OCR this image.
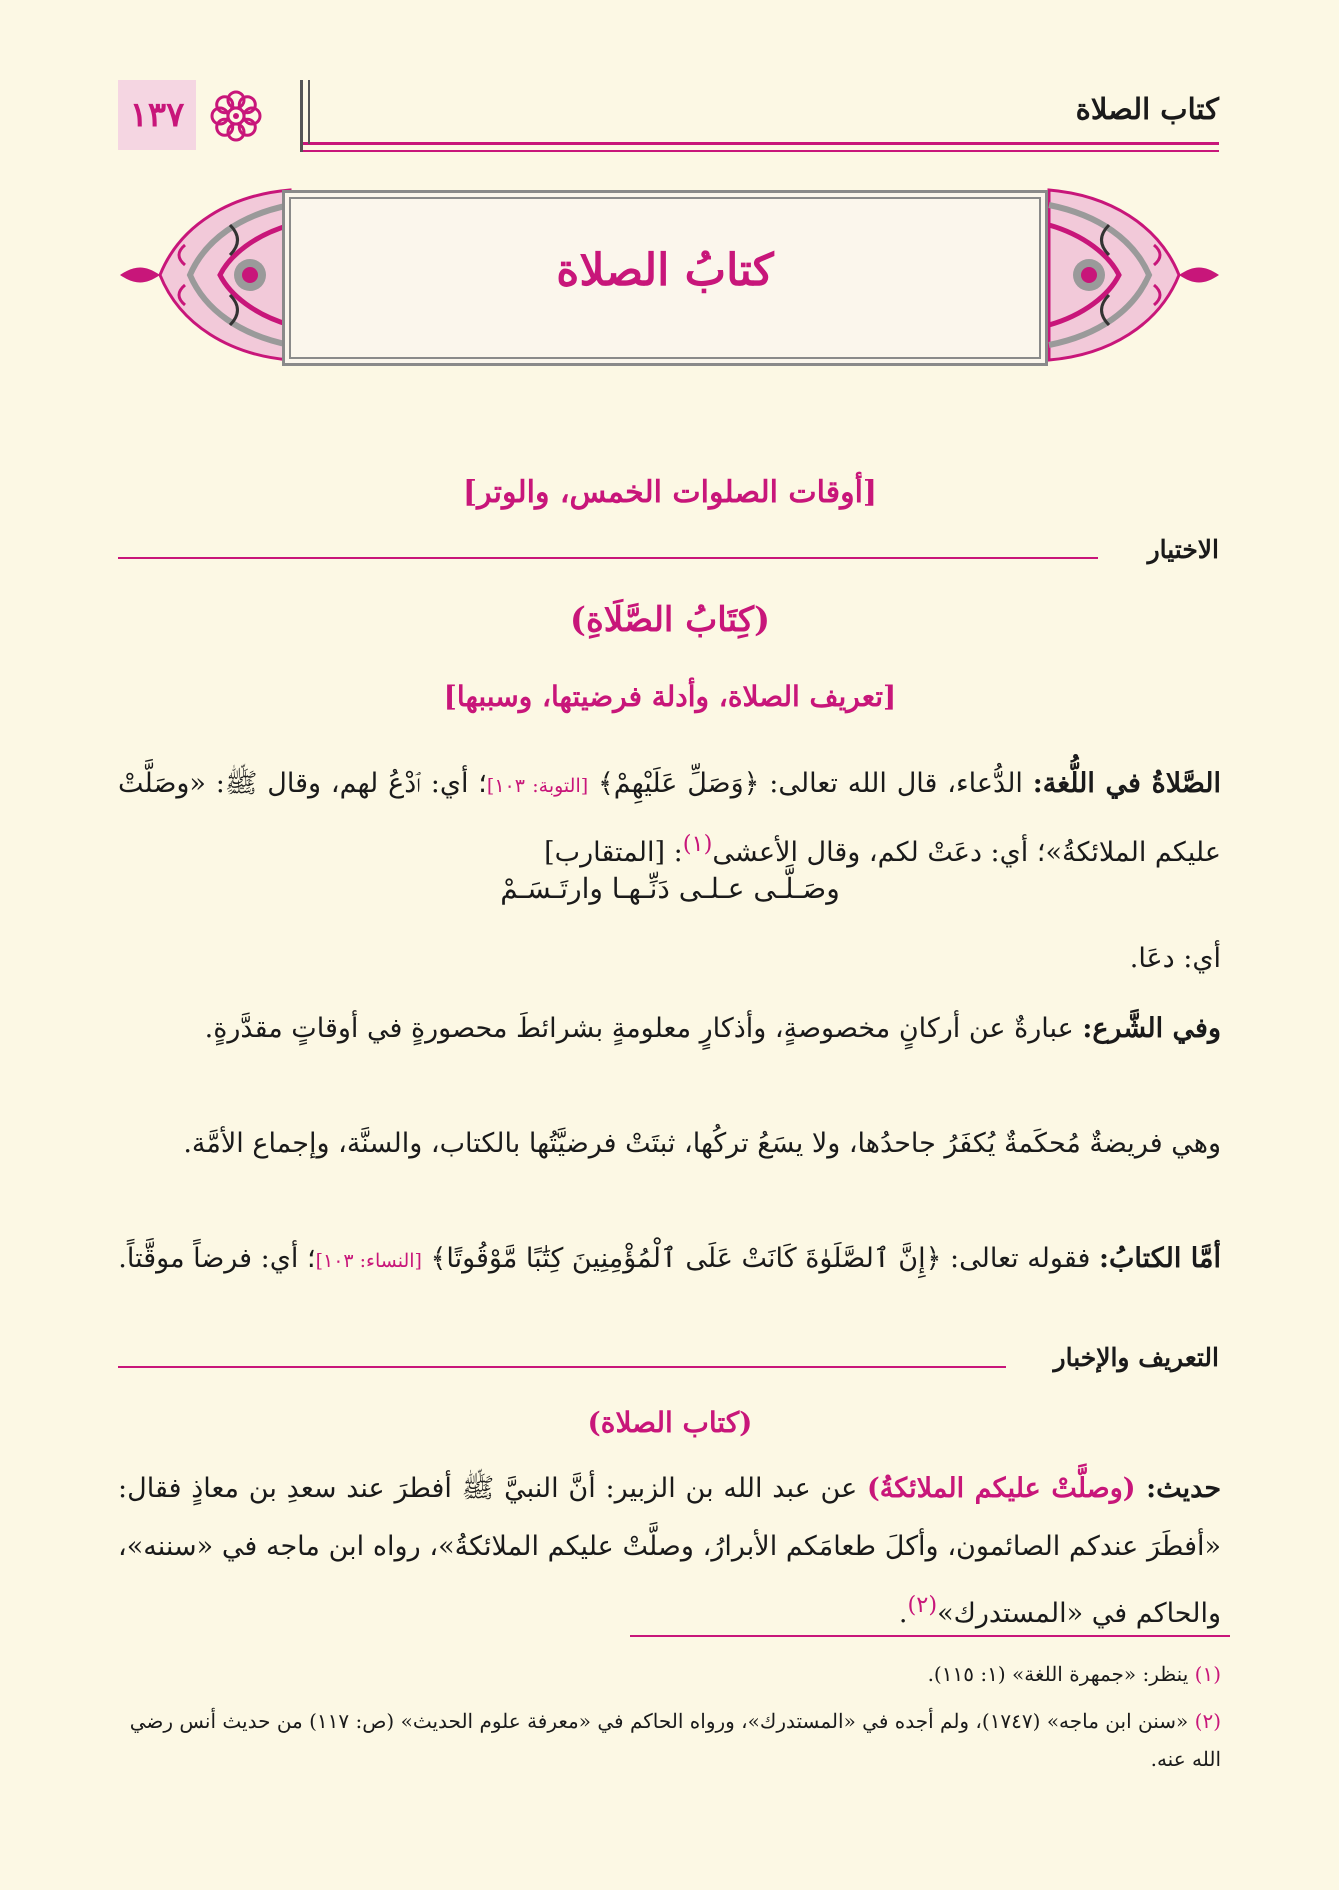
كتاب الصلاة
١٣٧
كتابُ الصلاة
[أوقات الصلوات الخمس، والوتر]
الاختيار
(كِتَابُ الصَّلَاةِ)
[تعريف الصلاة، وأدلة فرضيتها، وسببها]
الصَّلاةُ في اللُّغة: الدُّعاء، قال الله تعالى: ﴿وَصَلِّ عَلَيْهِمْ﴾ [التوبة: ١٠٣]؛ أي: ٱدْعُ لهم، وقال ﷺ: «وصَلَّتْ عليكم الملائكةُ»؛ أي: دعَتْ لكم، وقال الأعشى$^{(١)}$: [المتقارب]
وصَـلَّـى عـلـى دَنِّـهـا وارتَـسَـمْ
أي: دعَا.
وفي الشَّرع: عبارةٌ عن أركانٍ مخصوصةٍ، وأذكارٍ معلومةٍ بشرائطَ محصورةٍ في أوقاتٍ مقدَّرةٍ.
وهي فريضةٌ مُحكَمةٌ يُكفَرُ جاحدُها، ولا يسَعُ تركُها، ثبتَتْ فرضيَّتُها بالكتاب، والسنَّة، وإجماع الأمَّة.
أمَّا الكتابُ: فقوله تعالى: ﴿إِنَّ ٱلصَّلَوٰةَ كَانَتْ عَلَى ٱلْمُؤْمِنِينَ كِتَٰبًا مَّوْقُوتًا﴾ [النساء: ١٠٣]؛ أي: فرضاً موقَّتاً.
التعريف والإخبار
(كتاب الصلاة)
حديث: (وصلَّتْ عليكم الملائكةُ) عن عبد الله بن الزبير: أنَّ النبيَّ ﷺ أفطرَ عند سعدِ بن معاذٍ فقال: «أفطَرَ عندكم الصائمون، وأكلَ طعامَكم الأبرارُ، وصلَّتْ عليكم الملائكةُ»، رواه ابن ماجه في «سننه»، والحاكم في «المستدرك»$^{(٢)}$.
(١) ينظر: «جمهرة اللغة» (١: ١١٥).
(٢) «سنن ابن ماجه» (١٧٤٧)، ولم أجده في «المستدرك»، ورواه الحاكم في «معرفة علوم الحديث» (ص: ١١٧) من حديث أنس رضي الله عنه.
